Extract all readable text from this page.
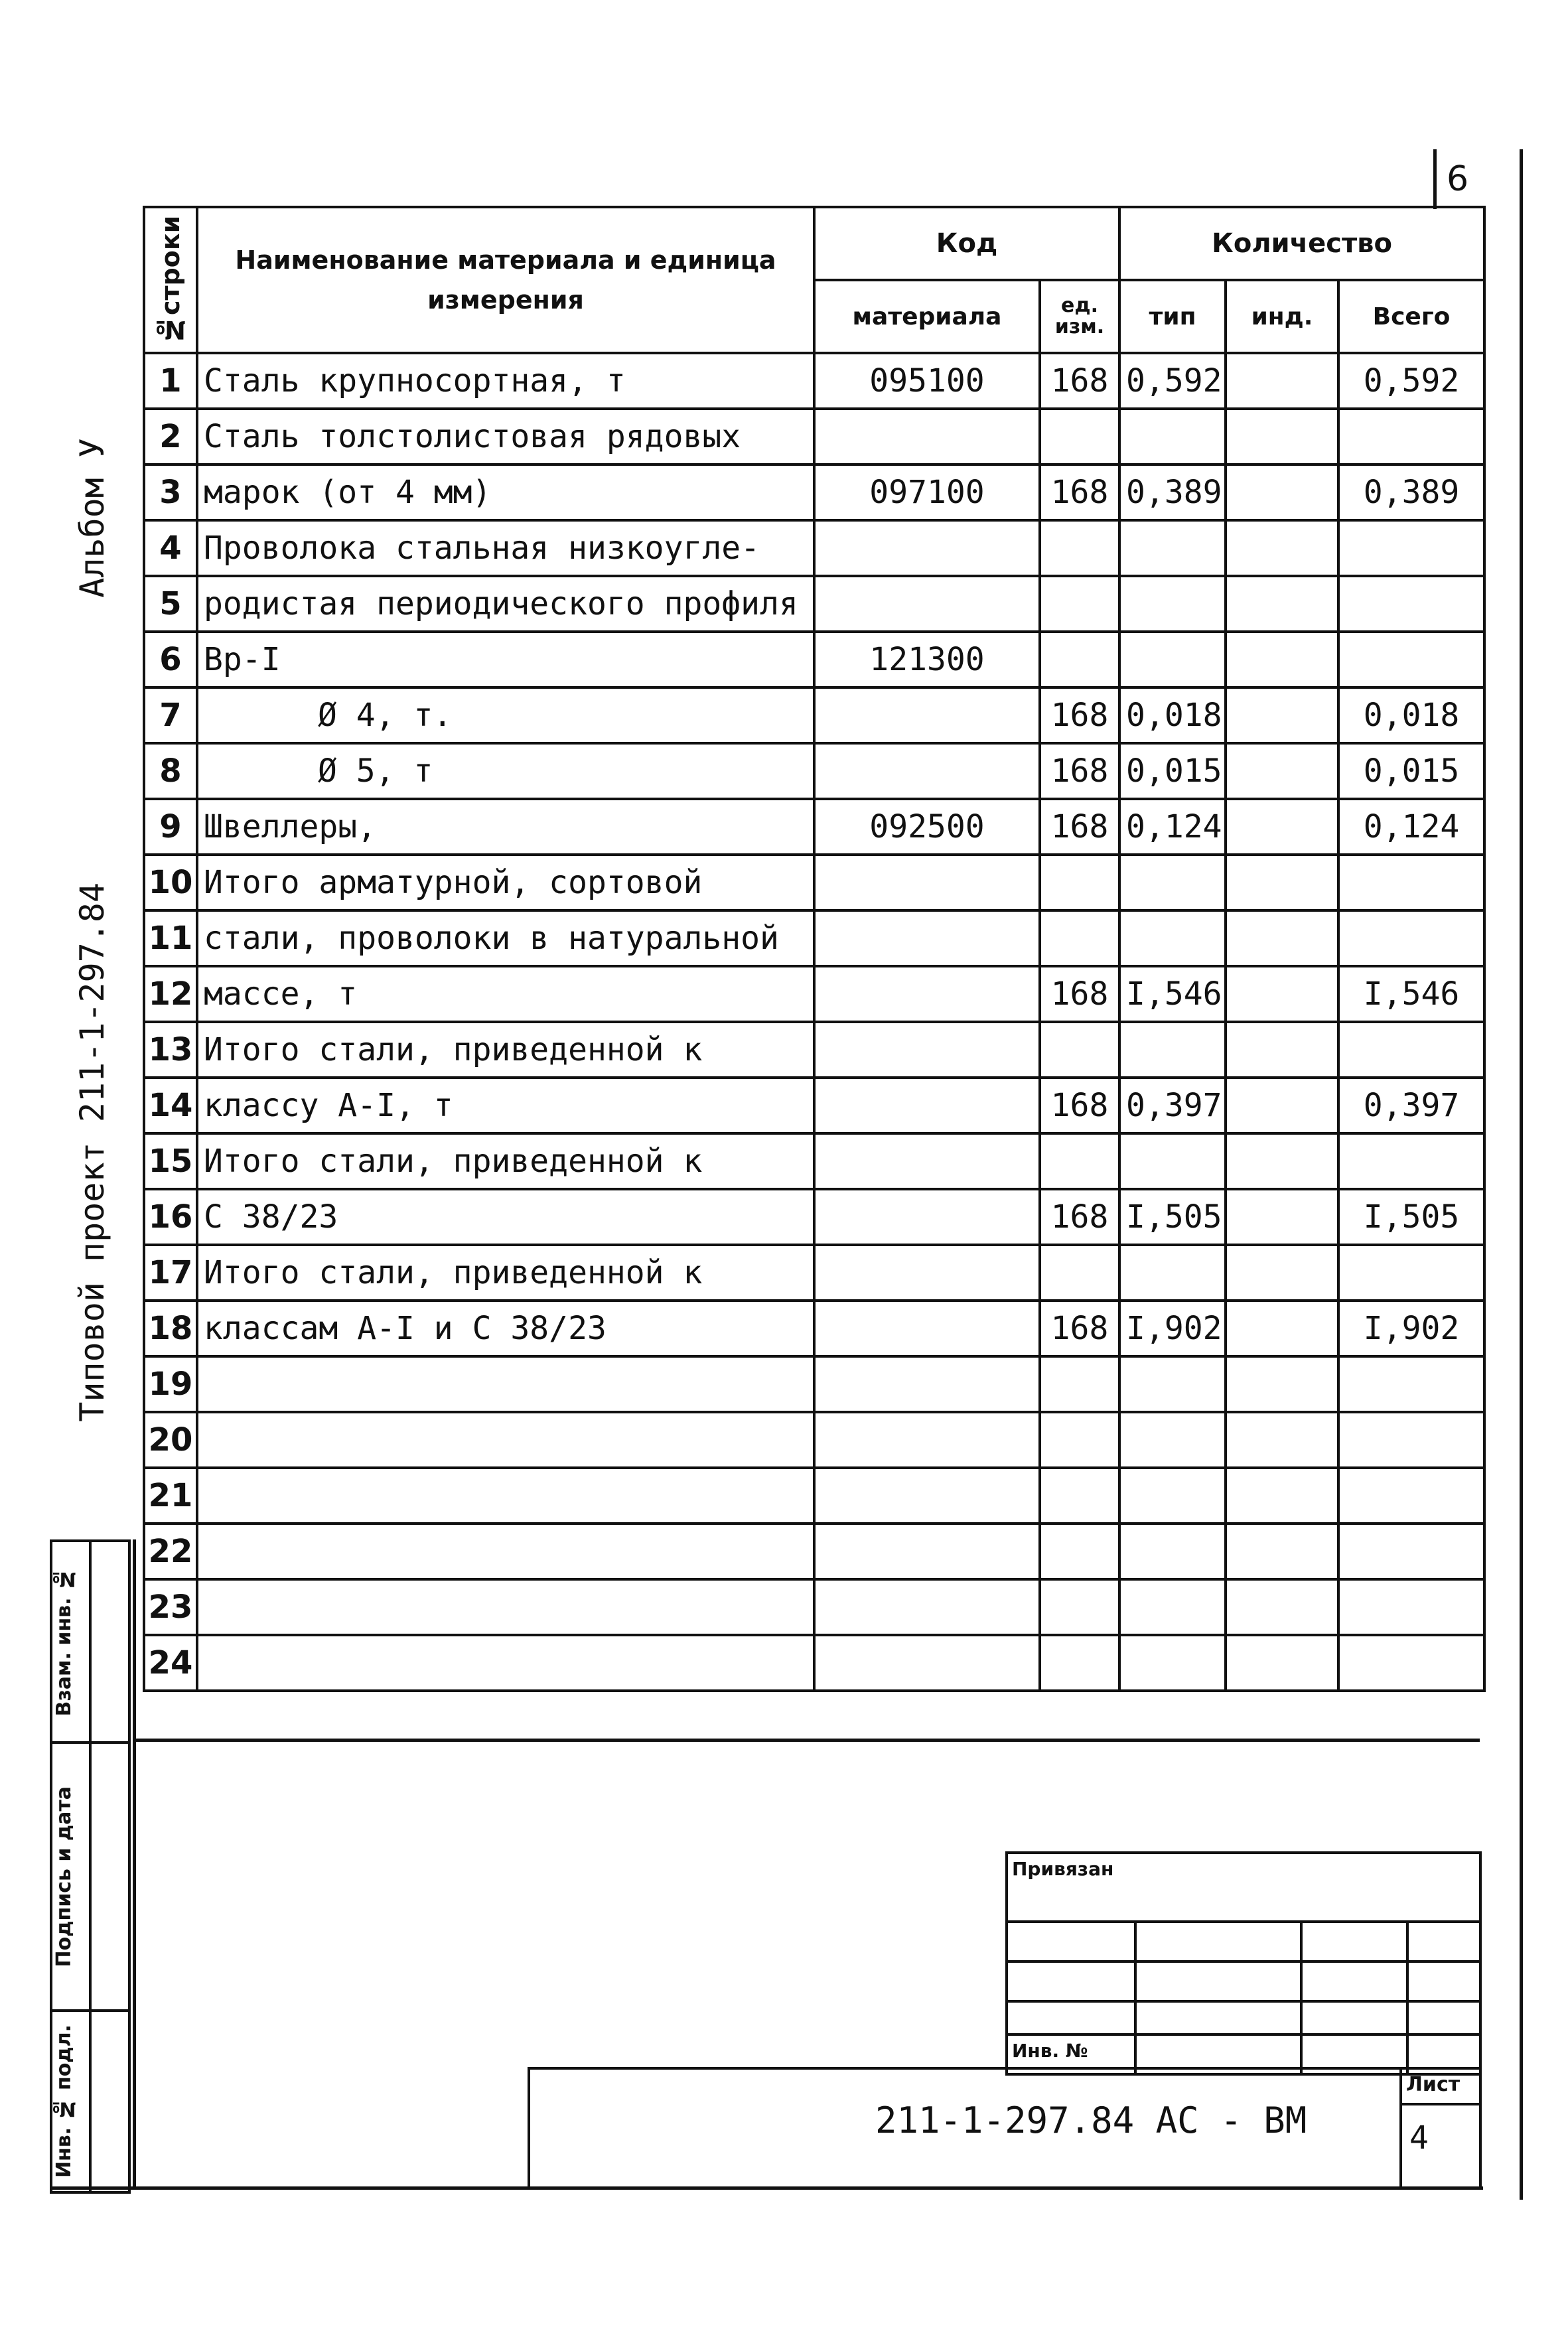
6
Альбом У
Типовой проект 211-1-297.84
№строки	Наименование материала и единица измерения	Код		Количество		
		материала	ед. изм.	тип	инд.	Всего
1	Сталь крупносортная, т	095100	168	0,592		0,592
2	Сталь толстолистовая рядовых					
3	марок (от 4 мм)	097100	168	0,389		0,389
4	Проволока стальная низкоугле-					
5	родистая периодического профиля					
6	Вр-I	121300				
7	Ø 4, т.		168	0,018		0,018
8	Ø 5, т		168	0,015		0,015
9	Швеллеры,	092500	168	0,124		0,124
10	Итого арматурной, сортовой					
11	стали, проволоки в натуральной					
12	массе, т		168	I,546		I,546
13	Итого стали, приведенной к					
14	классу А-I, т		168	0,397		0,397
15	Итого стали, приведенной к					
16	С 38/23		168	I,505		I,505
17	Итого стали, приведенной к					
18	классам А-I и С 38/23		168	I,902		I,902
19						
20						
21						
22						
23						
24						
Взам. инв. №	

Подпись и дата	

Инв. № подл.	

Привязан
Инв. №
211-1-297.84 АС - ВМ
Лист
4
